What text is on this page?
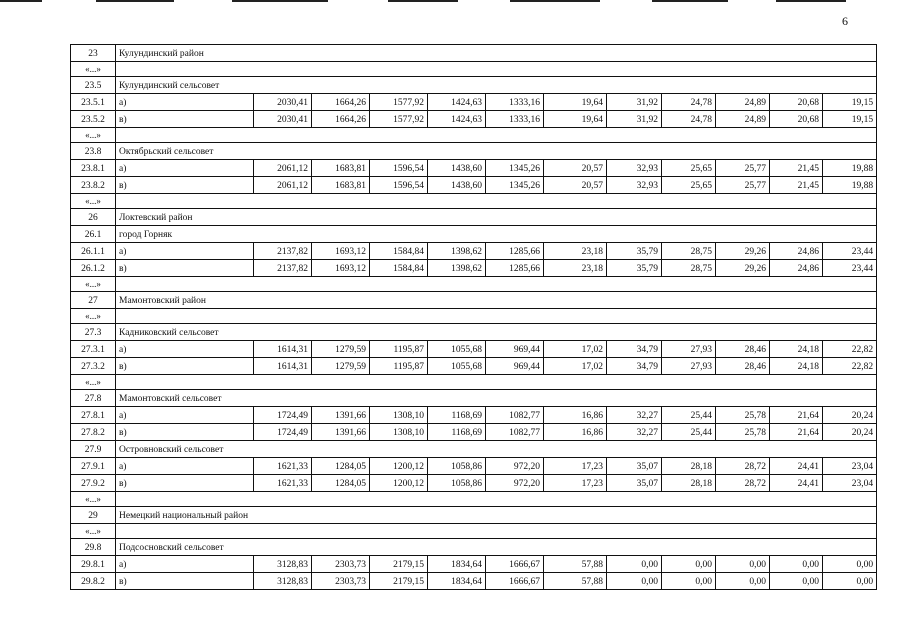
6
23	Кулундинский район											
«...»												
23.5	Кулундинский сельсовет											
23.5.1	а)	2030,41	1664,26	1577,92	1424,63	1333,16	19,64	31,92	24,78	24,89	20,68	19,15
23.5.2	в)	2030,41	1664,26	1577,92	1424,63	1333,16	19,64	31,92	24,78	24,89	20,68	19,15
«...»												
23.8	Октябрьский сельсовет											
23.8.1	а)	2061,12	1683,81	1596,54	1438,60	1345,26	20,57	32,93	25,65	25,77	21,45	19,88
23.8.2	в)	2061,12	1683,81	1596,54	1438,60	1345,26	20,57	32,93	25,65	25,77	21,45	19,88
«...»												
26	Локтевский район											
26.1	город Горняк											
26.1.1	а)	2137,82	1693,12	1584,84	1398,62	1285,66	23,18	35,79	28,75	29,26	24,86	23,44
26.1.2	в)	2137,82	1693,12	1584,84	1398,62	1285,66	23,18	35,79	28,75	29,26	24,86	23,44
«...»												
27	Мамонтовский район											
«...»												
27.3	Кадниковский сельсовет											
27.3.1	а)	1614,31	1279,59	1195,87	1055,68	969,44	17,02	34,79	27,93	28,46	24,18	22,82
27.3.2	в)	1614,31	1279,59	1195,87	1055,68	969,44	17,02	34,79	27,93	28,46	24,18	22,82
«...»												
27.8	Мамонтовский сельсовет											
27.8.1	а)	1724,49	1391,66	1308,10	1168,69	1082,77	16,86	32,27	25,44	25,78	21,64	20,24
27.8.2	в)	1724,49	1391,66	1308,10	1168,69	1082,77	16,86	32,27	25,44	25,78	21,64	20,24
27.9	Островновский сельсовет											
27.9.1	а)	1621,33	1284,05	1200,12	1058,86	972,20	17,23	35,07	28,18	28,72	24,41	23,04
27.9.2	в)	1621,33	1284,05	1200,12	1058,86	972,20	17,23	35,07	28,18	28,72	24,41	23,04
«...»												
29	Немецкий национальный район											
«...»												
29.8	Подсосновский сельсовет											
29.8.1	а)	3128,83	2303,73	2179,15	1834,64	1666,67	57,88	0,00	0,00	0,00	0,00	0,00
29.8.2	в)	3128,83	2303,73	2179,15	1834,64	1666,67	57,88	0,00	0,00	0,00	0,00	0,00
